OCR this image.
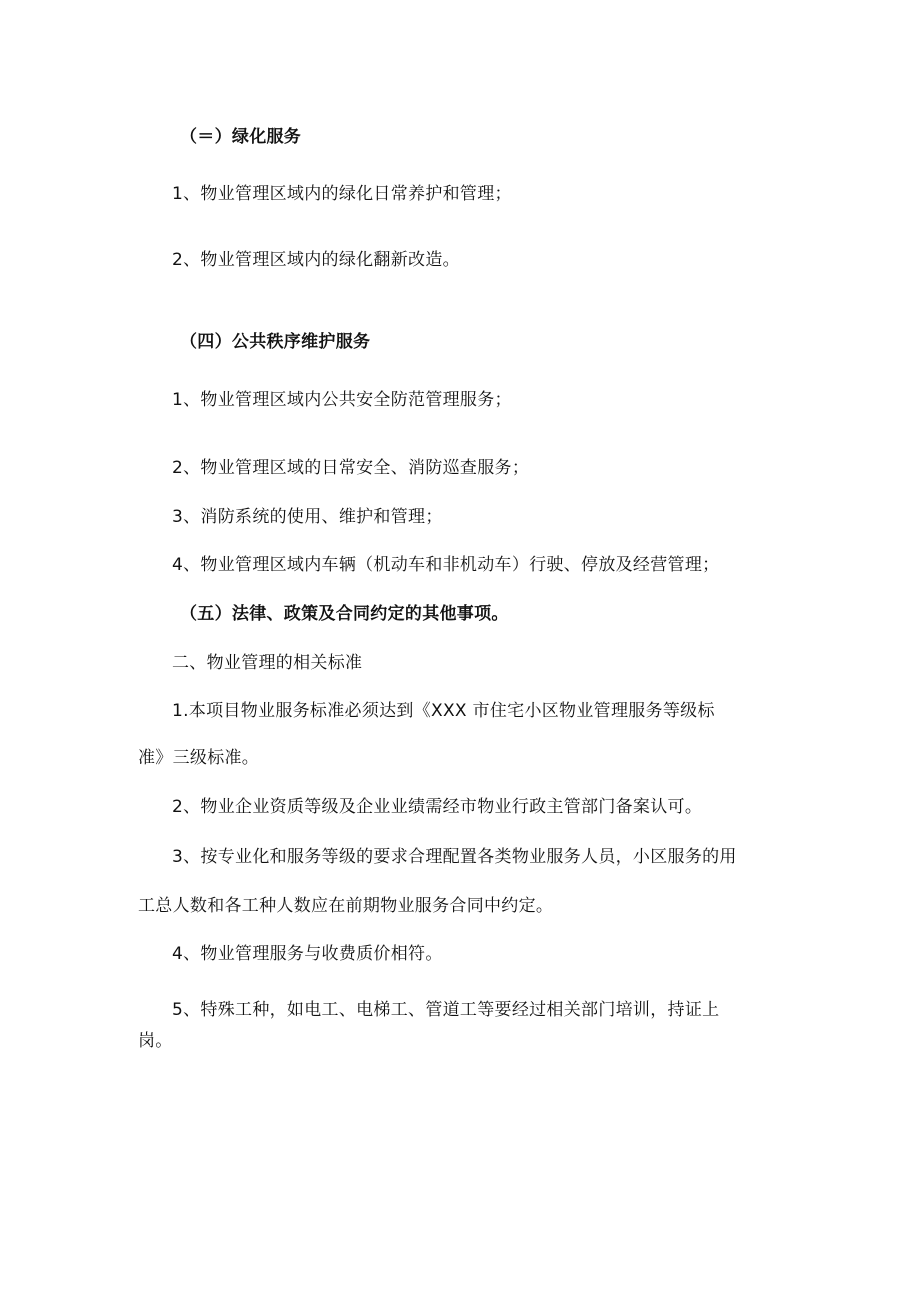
（＝）绿化服务
1、物业管理区域内的绿化日常养护和管理；
2、物业管理区域内的绿化翻新改造。
（四）公共秩序维护服务
1、物业管理区域内公共安全防范管理服务；
2、物业管理区域的日常安全、消防巡查服务；
3、消防系统的使用、维护和管理；
4、物业管理区域内车辆（机动车和非机动车）行驶、停放及经营管理；
（五）法律、政策及合同约定的其他事项。
二、物业管理的相关标准
1.本项目物业服务标准必须达到《XXX 市住宅小区物业管理服务等级标
准》三级标准。
2、物业企业资质等级及企业业绩需经市物业行政主管部门备案认可。
3、按专业化和服务等级的要求合理配置各类物业服务人员，小区服务的用
工总人数和各工种人数应在前期物业服务合同中约定。
4、物业管理服务与收费质价相符。
5、特殊工种，如电工、电梯工、管道工等要经过相关部门培训，持证上
岗。
